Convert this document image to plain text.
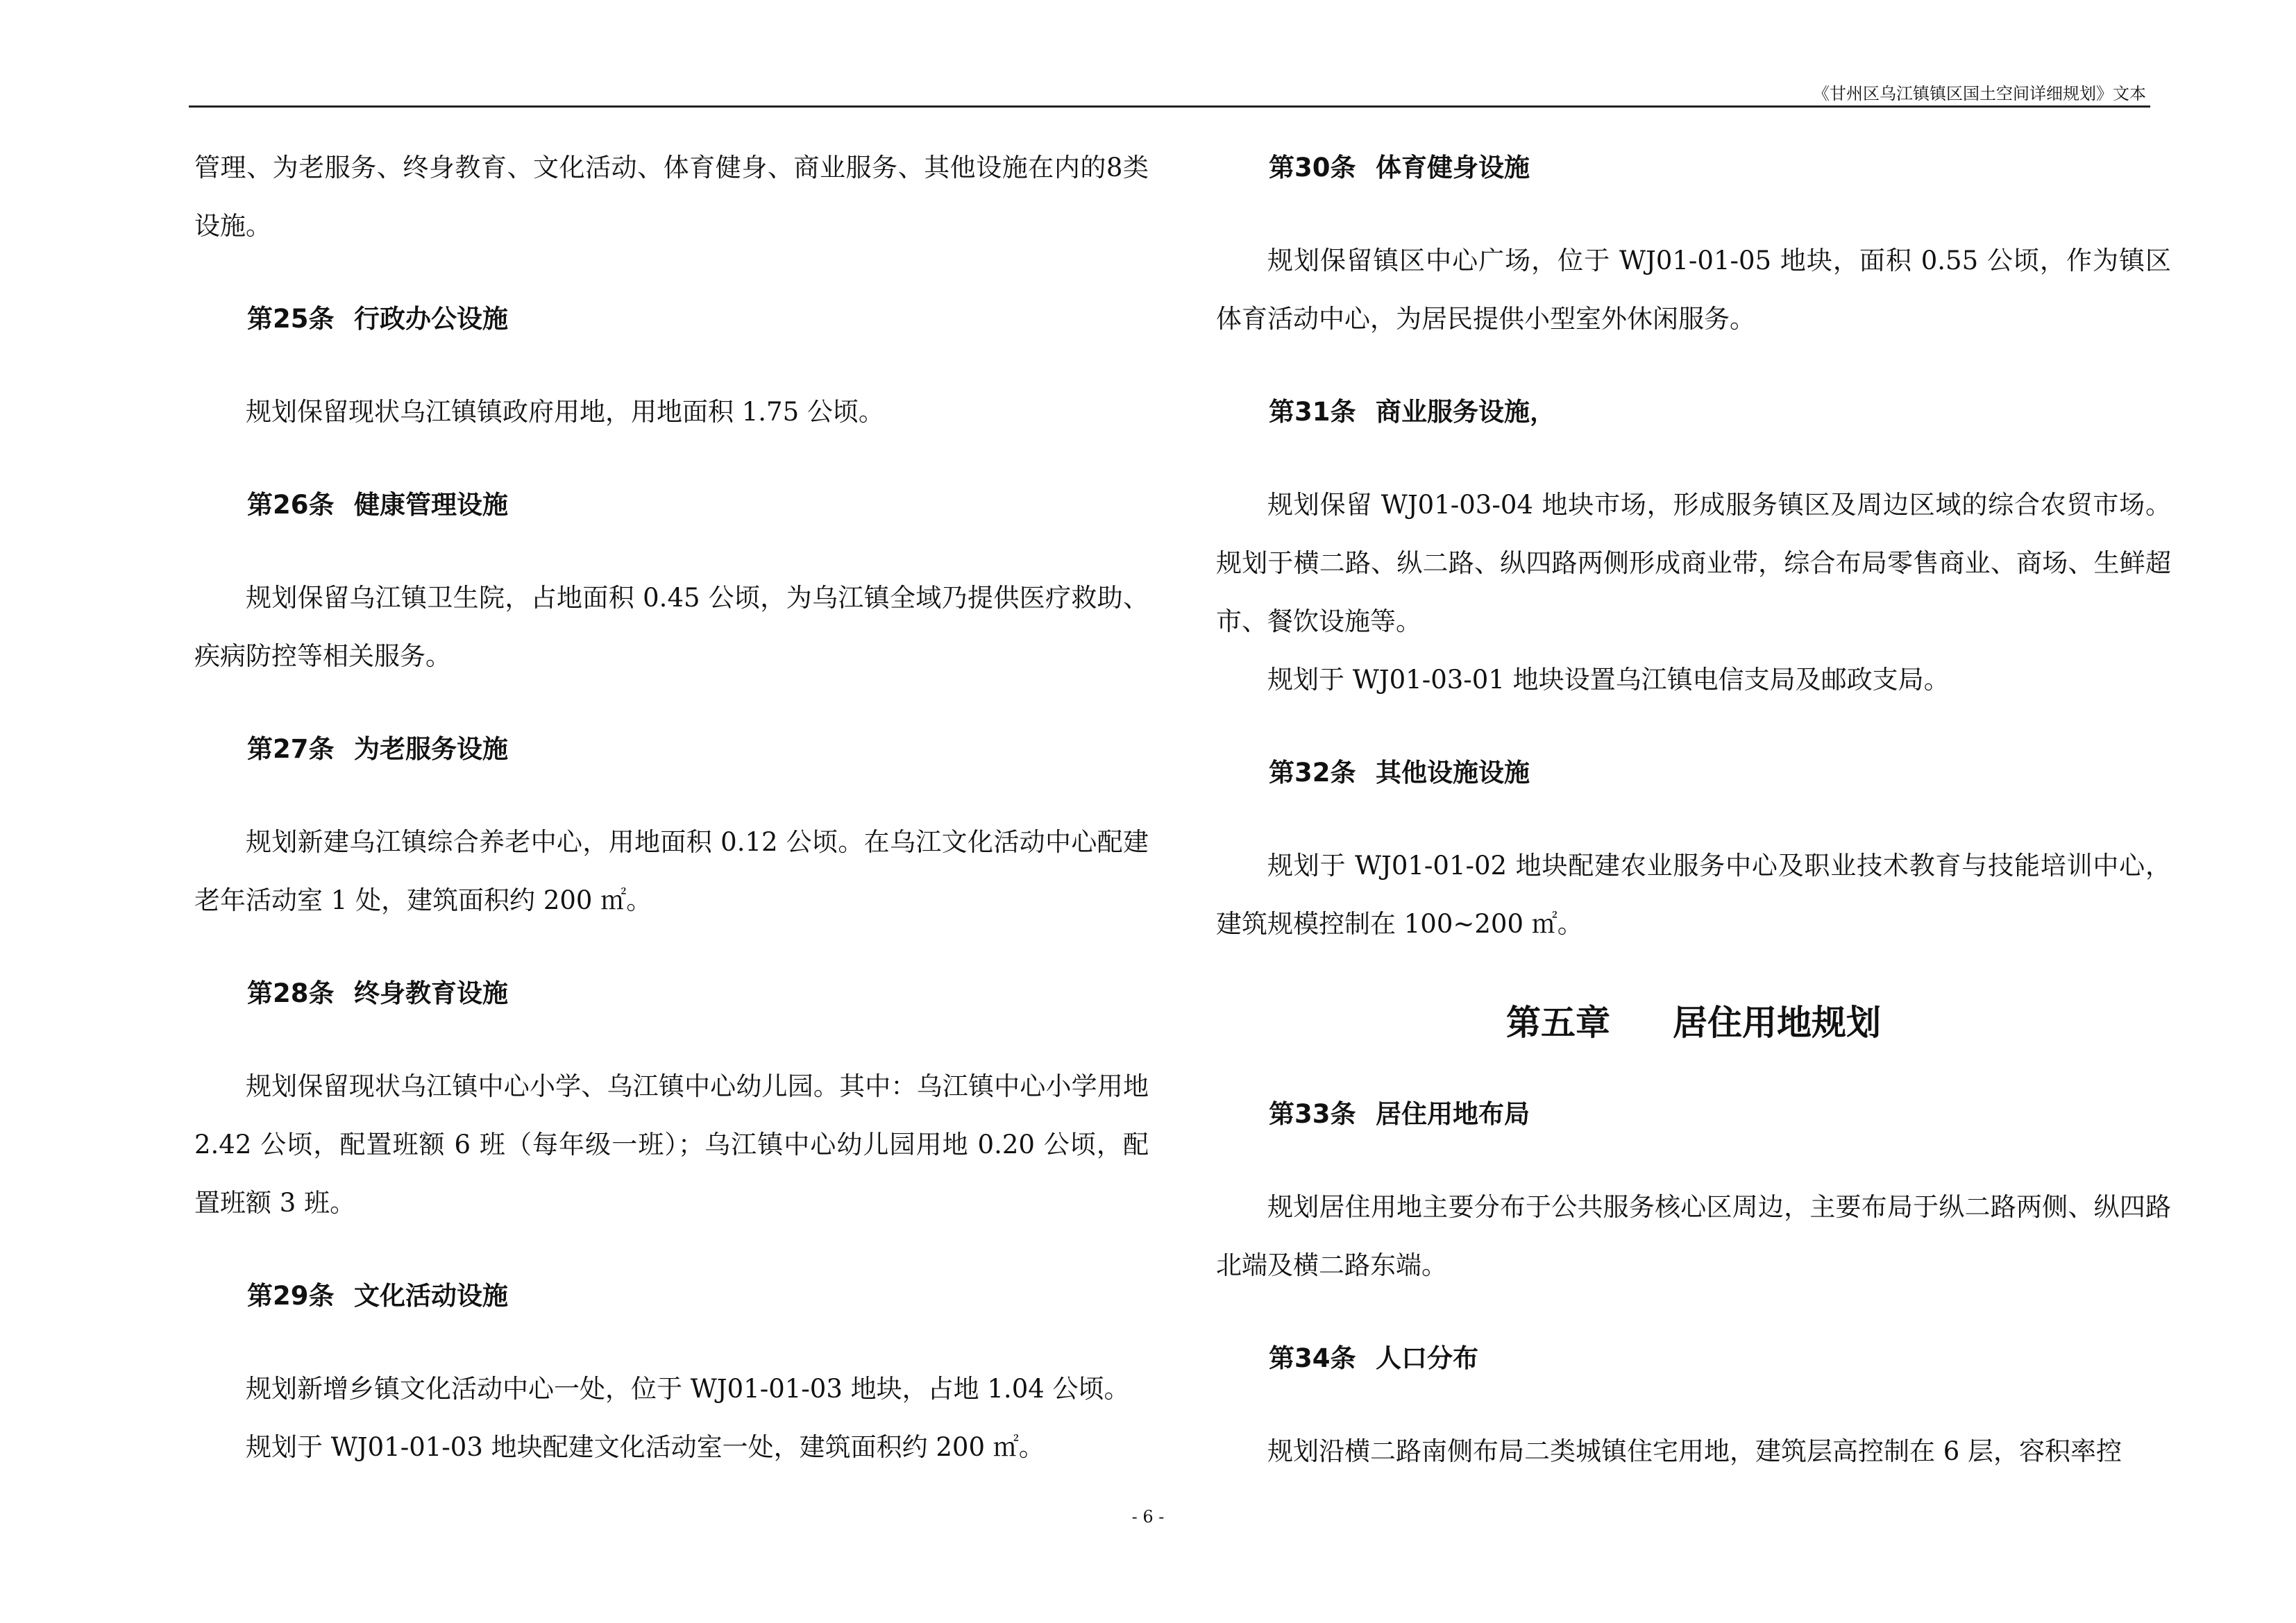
《甘州区乌江镇镇区国土空间详细规划》文本

管理、为老服务、终身教育、文化活动、体育健身、商业服务、其他设施在内的8类设施。

第25条 行政办公设施

规划保留现状乌江镇镇政府用地，用地面积 1.75 公顷。

第26条 健康管理设施

规划保留乌江镇卫生院，占地面积 0.45 公顷，为乌江镇全域乃提供医疗救助、疾病防控等相关服务。

第27条 为老服务设施

规划新建乌江镇综合养老中心，用地面积 0.12 公顷。在乌江文化活动中心配建老年活动室 1 处，建筑面积约 200 ㎡。

第28条 终身教育设施

规划保留现状乌江镇中心小学、乌江镇中心幼儿园。其中：乌江镇中心小学用地 2.42 公顷，配置班额 6 班（每年级一班）；乌江镇中心幼儿园用地 0.20 公顷，配置班额 3 班。

第29条 文化活动设施

规划新增乡镇文化活动中心一处，位于 WJ01-01-03 地块，占地 1.04 公顷。

规划于 WJ01-01-03 地块配建文化活动室一处，建筑面积约 200 ㎡。

第30条 体育健身设施

规划保留镇区中心广场，位于 WJ01-01-05 地块，面积 0.55 公顷，作为镇区体育活动中心，为居民提供小型室外休闲服务。

第31条 商业服务设施，

规划保留 WJ01-03-04 地块市场，形成服务镇区及周边区域的综合农贸市场。规划于横二路、纵二路、纵四路两侧形成商业带，综合布局零售商业、商场、生鲜超市、餐饮设施等。

规划于 WJ01-03-01 地块设置乌江镇电信支局及邮政支局。

第32条 其他设施设施

规划于 WJ01-01-02 地块配建农业服务中心及职业技术教育与技能培训中心，建筑规模控制在 100~200 ㎡。

第五章 居住用地规划
第33条 居住用地布局

规划居住用地主要分布于公共服务核心区周边，主要布局于纵二路两侧、纵四路北端及横二路东端。

第34条 人口分布

规划沿横二路南侧布局二类城镇住宅用地，建筑层高控制在 6 层，容积率控

- 6 -
